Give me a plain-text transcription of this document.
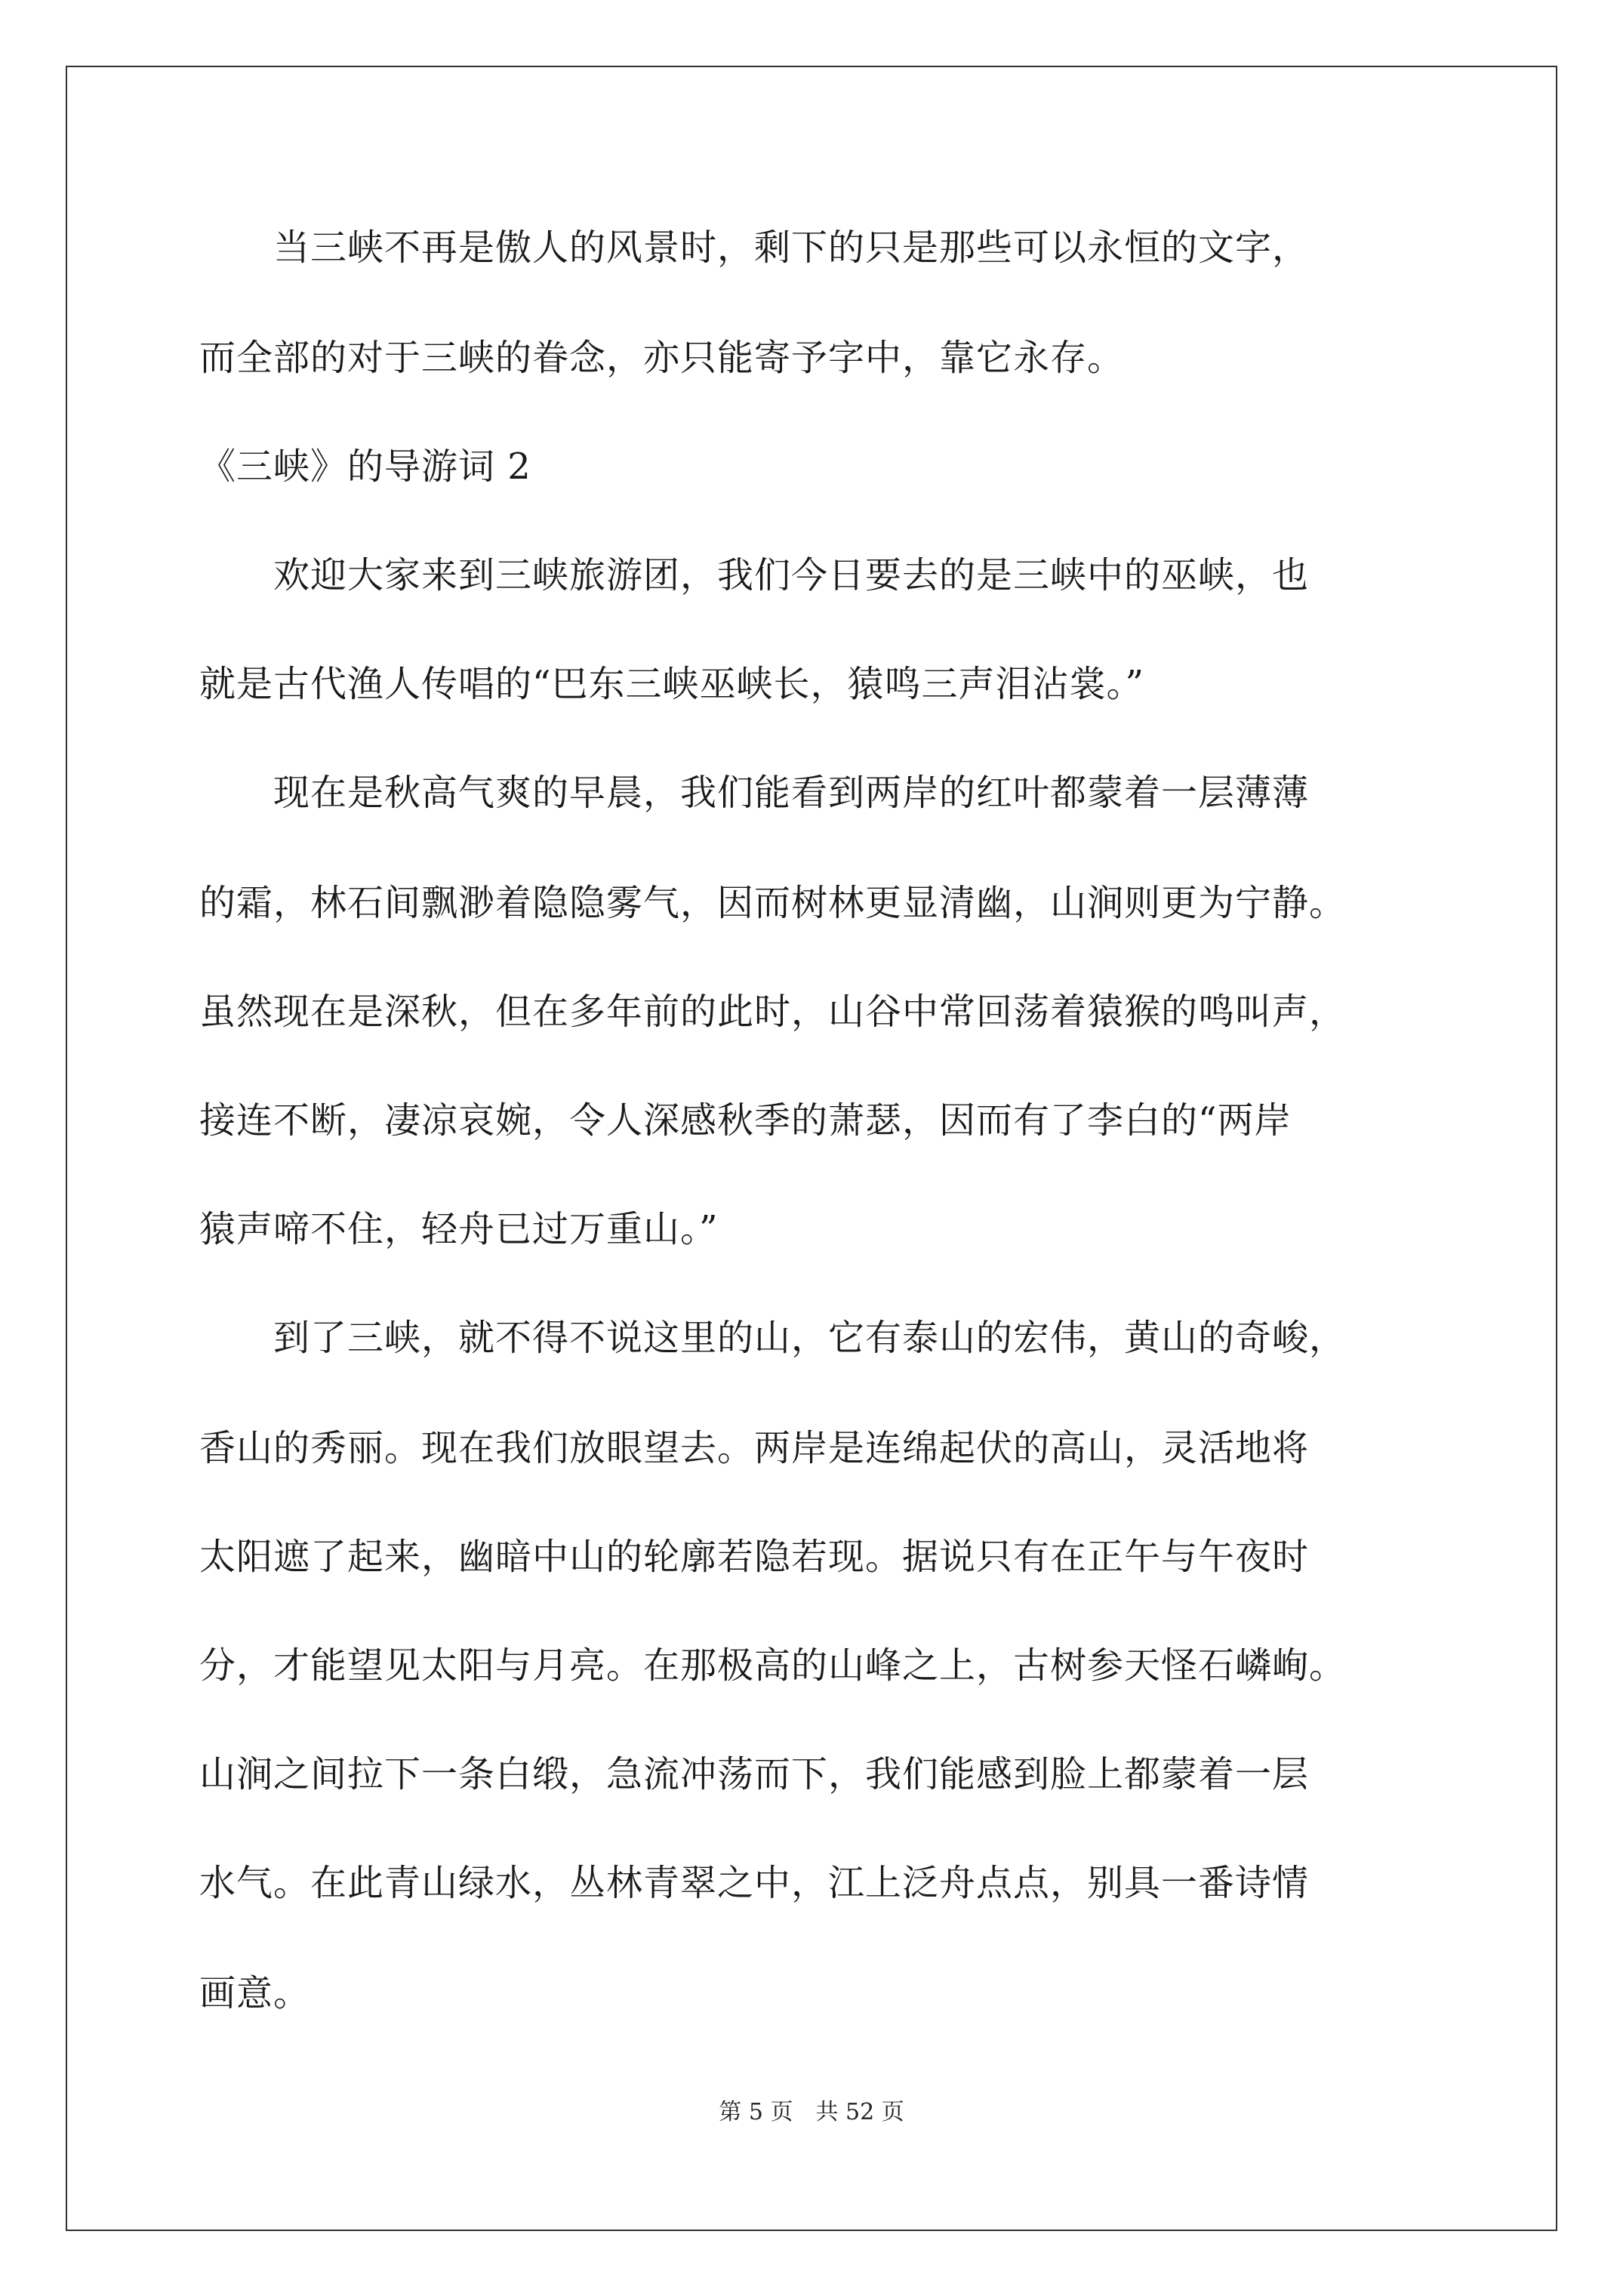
　　当三峡不再是傲人的风景时，剩下的只是那些可以永恒的文字，
而全部的对于三峡的眷念，亦只能寄予字中，靠它永存。
《三峡》的导游词 2
　　欢迎大家来到三峡旅游团，我们今日要去的是三峡中的巫峡，也
就是古代渔人传唱的“巴东三峡巫峡长，猿鸣三声泪沾裳。”
　　现在是秋高气爽的早晨，我们能看到两岸的红叶都蒙着一层薄薄
的霜，林石间飘渺着隐隐雾气，因而树林更显清幽，山涧则更为宁静。
虽然现在是深秋，但在多年前的此时，山谷中常回荡着猿猴的鸣叫声，
接连不断，凄凉哀婉，令人深感秋季的萧瑟，因而有了李白的“两岸
猿声啼不住，轻舟已过万重山。”
　　到了三峡，就不得不说这里的山，它有泰山的宏伟，黄山的奇峻，
香山的秀丽。现在我们放眼望去。两岸是连绵起伏的高山，灵活地将
太阳遮了起来，幽暗中山的轮廓若隐若现。据说只有在正午与午夜时
分，才能望见太阳与月亮。在那极高的山峰之上，古树参天怪石嶙峋。
山涧之间拉下一条白缎，急流冲荡而下，我们能感到脸上都蒙着一层
水气。在此青山绿水，丛林青翠之中，江上泛舟点点，别具一番诗情
画意。
第 5 页　共 52 页
